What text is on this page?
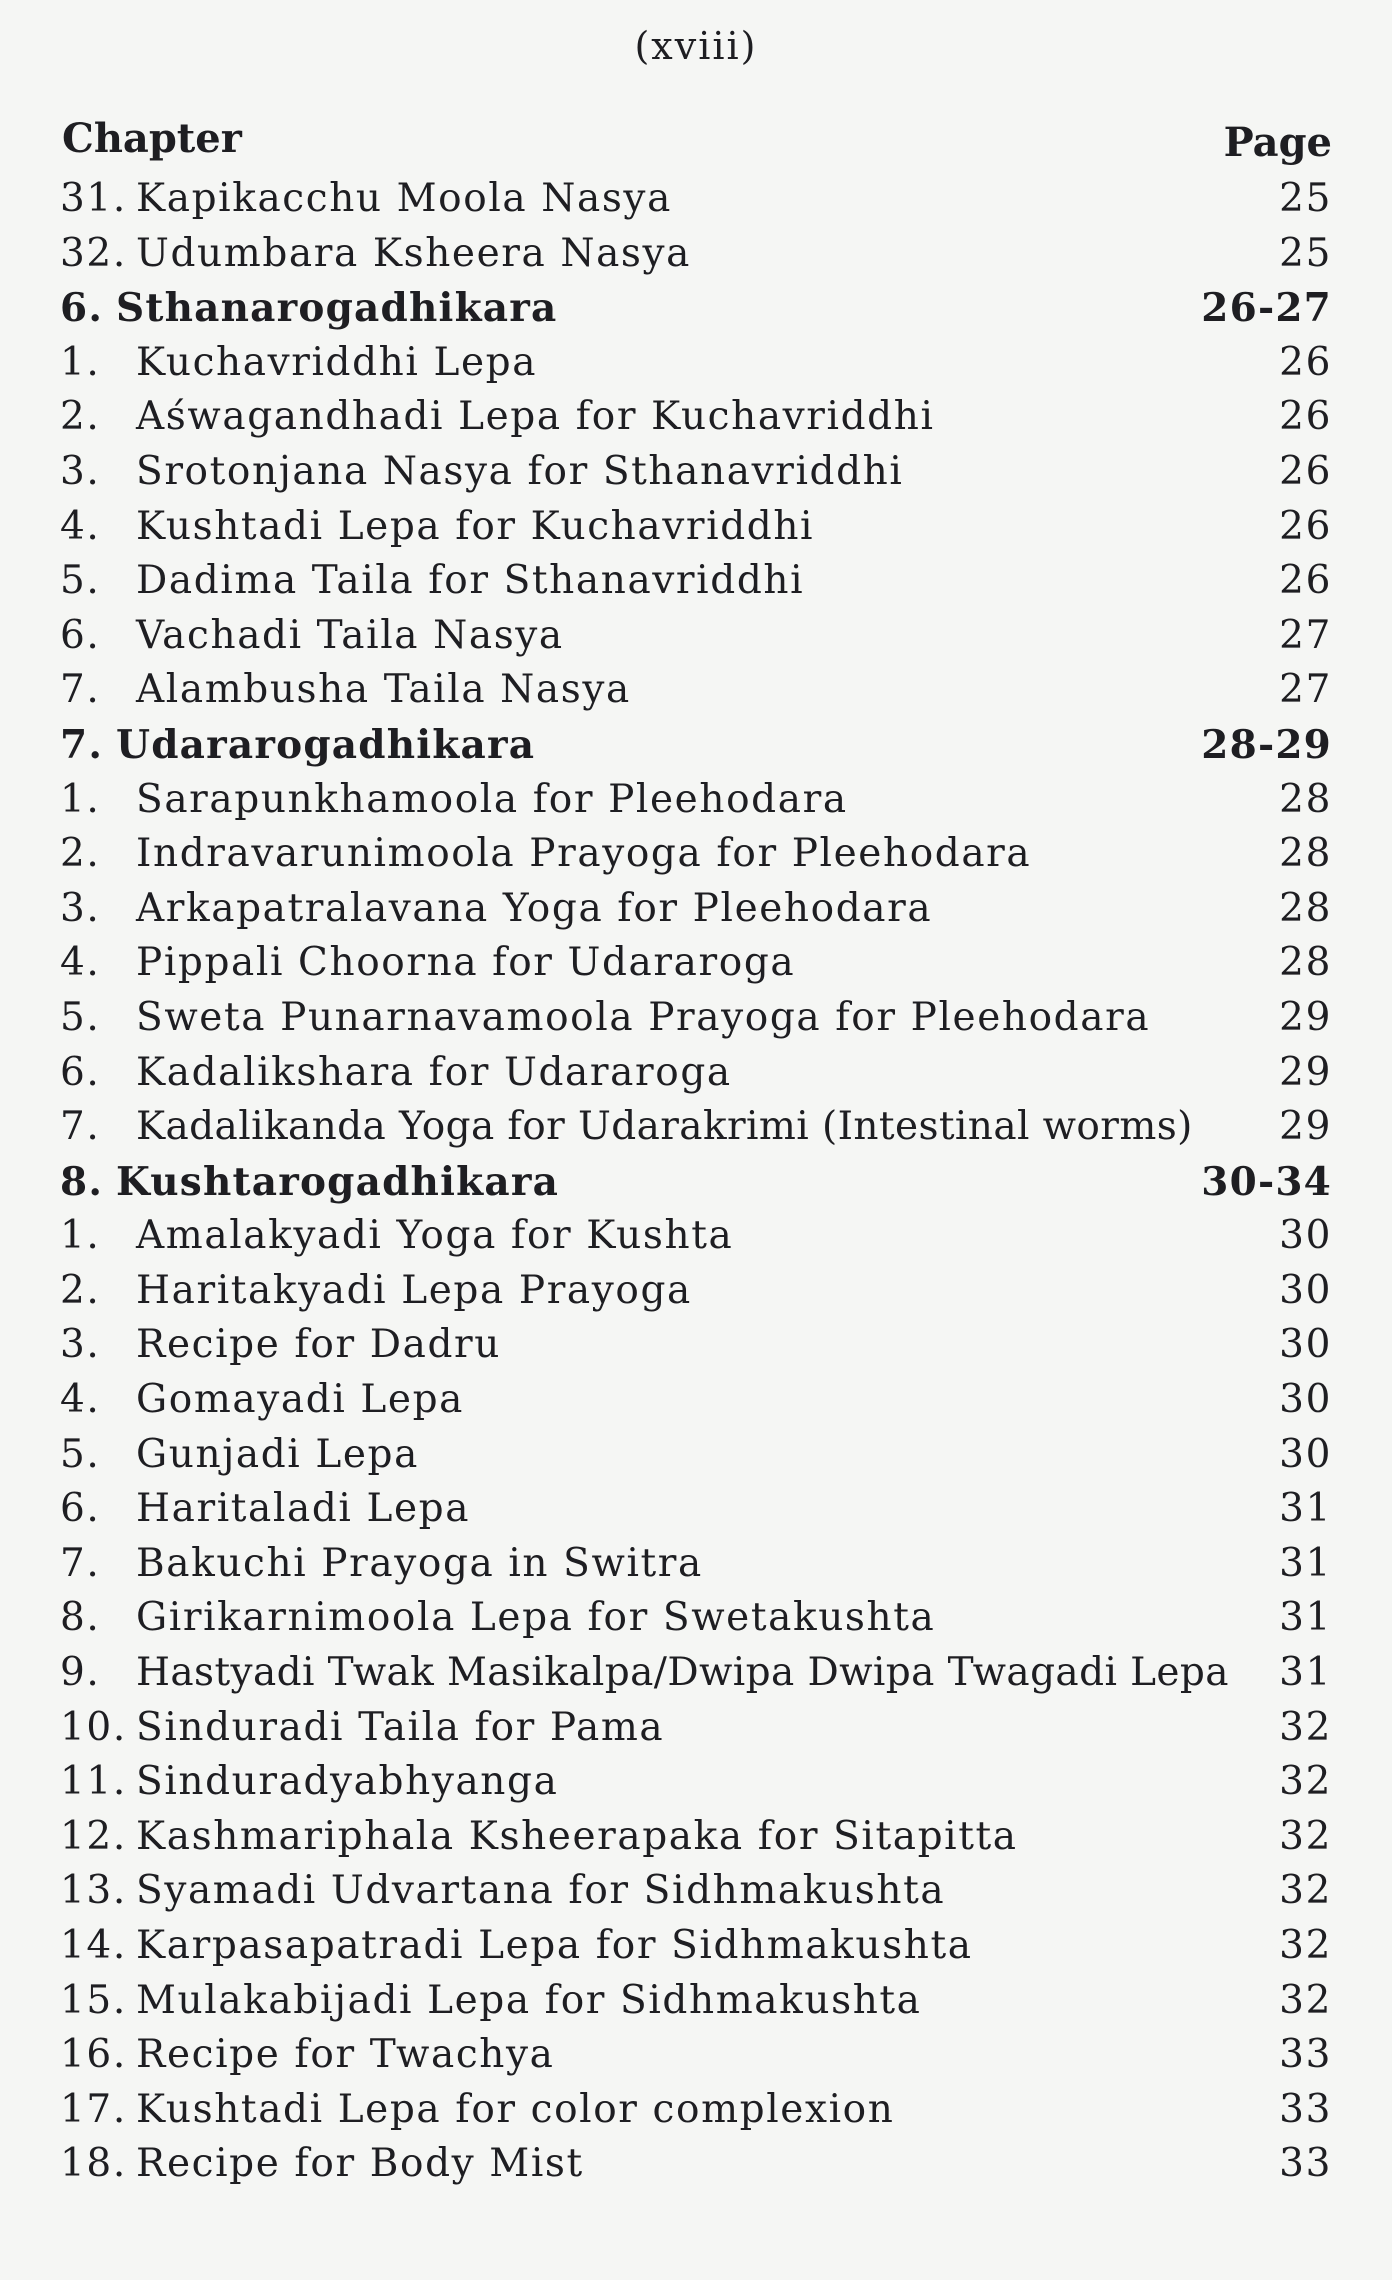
(xviii)
Chapter	Page
31. Kapikacchu Moola Nasya	25
32. Udumbara Ksheera Nasya	25
6. Sthanarogadhikara	26-27
1. Kuchavriddhi Lepa	26
2. Aśwagandhadi Lepa for Kuchavriddhi	26
3. Srotonjana Nasya for Sthanavriddhi	26
4. Kushtadi Lepa for Kuchavriddhi	26
5. Dadima Taila for Sthanavriddhi	26
6. Vachadi Taila Nasya	27
7. Alambusha Taila Nasya	27
7. Udararogadhikara	28-29
1. Sarapunkhamoola for Pleehodara	28
2. Indravarunimoola Prayoga for Pleehodara	28
3. Arkapatralavana Yoga for Pleehodara	28
4. Pippali Choorna for Udararoga	28
5. Sweta Punarnavamoola Prayoga for Pleehodara	29
6. Kadalikshara for Udararoga	29
7. Kadalikanda Yoga for Udarakrimi (Intestinal worms) 29
8. Kushtarogadhikara	30-34
1. Amalakyadi Yoga for Kushta	30
2. Haritakyadi Lepa Prayoga	30
3. Recipe for Dadru	30
4. Gomayadi Lepa	30
5. Gunjadi Lepa	30
6. Haritaladi Lepa	31
7. Bakuchi Prayoga in Switra	31
8. Girikarnimoola Lepa for Swetakushta	31
9. Hastyadi Twak Masikalpa/Dwipa Dwipa Twagadi Lepa 31
10. Sinduradi Taila for Pama	32
11. Sinduradyabhyanga	32
12. Kashmariphala Ksheerapaka for Sitapitta	32
13. Syamadi Udvartana for Sidhmakushta	32
14. Karpasapatradi Lepa for Sidhmakushta	32
15. Mulakabijadi Lepa for Sidhmakushta	32
16. Recipe for Twachya	33
17. Kushtadi Lepa for color complexion	33
18. Recipe for Body Mist	33
